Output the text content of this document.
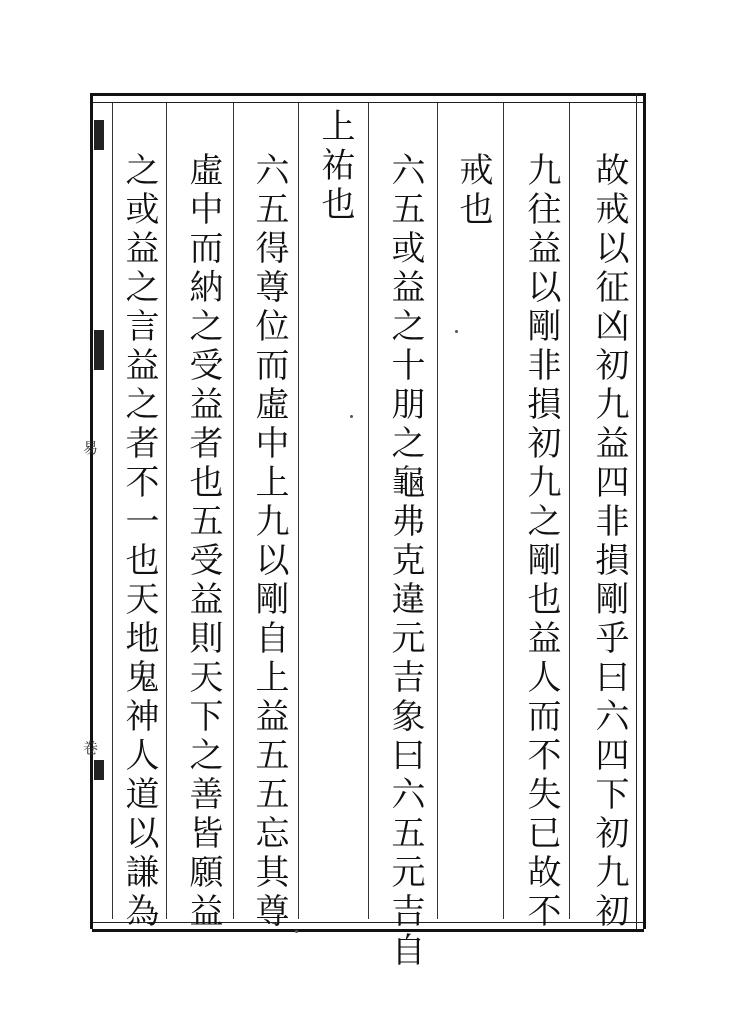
易
卷	故戒以征凶初九益四非損剛乎曰六四下初九初
九往益以剛非損初九之剛也益人而不失已故不
戒也
六五或益之十朋之龜弗克違元吉象曰六五元吉自
上祐也
六五得尊位而虛中上九以剛自上益五五忘其尊
虛中而納之受益者也五受益則天下之善皆願益
之或益之言益之者不一也天地鬼神人道以謙為
